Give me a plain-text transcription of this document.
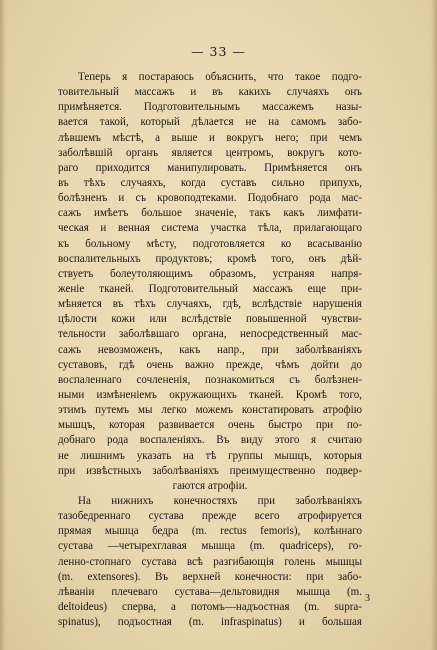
— 33 —
Теперь я постараюсь объяснить, что такое подго-
товительный массажъ и въ какихъ случаяхъ онъ
примѣняется. Подготовительнымъ массажемъ назы-
вается такой, который дѣлается не на самомъ забо-
лѣвшемъ мѣстѣ, а выше и вокругъ него; при чемъ
заболѣвшій органъ является центромъ, вокругъ кото-
раго приходится манипулировать. Примѣняется онъ
въ тѣхъ случаяхъ, когда суставъ сильно припухъ,
болѣзненъ и съ кровоподтеками. Подобнаго рода мас-
сажъ имѣетъ большое значеніе, такъ какъ лимфати-
ческая и венная система участка тѣла, прилагающаго
къ больному мѣсту, подготовляется ко всасыванію
воспалительныхъ продуктовъ; кромѣ того, онъ дѣй-
ствуетъ болеутоляющимъ образомъ, устраняя напря-
женіе тканей. Подготовительный массажъ еще при-
мѣняется въ тѣхъ случаяхъ, гдѣ, вслѣдствіе нарушенія
цѣлости кожи или вслѣдствіе повышенной чувстви-
тельности заболѣвшаго органа, непосредственный мас-
сажъ невозможенъ, какъ напр., при заболѣваніяхъ
суставовъ, гдѣ очень важно прежде, чѣмъ дойти до
воспаленнаго сочлененія, познакомиться съ болѣзнен-
ными измѣненіемъ окружающихъ тканей. Кромѣ того,
этимъ путемъ мы легко можемъ констатировать атрофію
мышцъ, которая развивается очень быстро при по-
добнаго рода воспаленіяхъ. Въ виду этого я считаю
не лишнимъ указать на тѣ группы мышцъ, которыя
при извѣстныхъ заболѣваніяхъ преимущественно подвер-
гаются атрофіи.
На нижнихъ конечностяхъ при заболѣваніяхъ
тазобедреннаго сустава прежде всего атрофируется
прямая мышца бедра (m. rectus femoris), колѣннаго
сустава —четырехглавая мышца (m. quadriceps), го-
ленно-стопнаго сустава всѣ разгибающія голень мышцы
(m. extensores). Въ верхней конечности: при забо-
лѣваніи плечеваго сустава—дельтовидня мышца (m.
deltoideus) сперва, а потомъ—надъостная (m. supra-
spinatus), подъостная (m. infraspinatus) и большая
3
